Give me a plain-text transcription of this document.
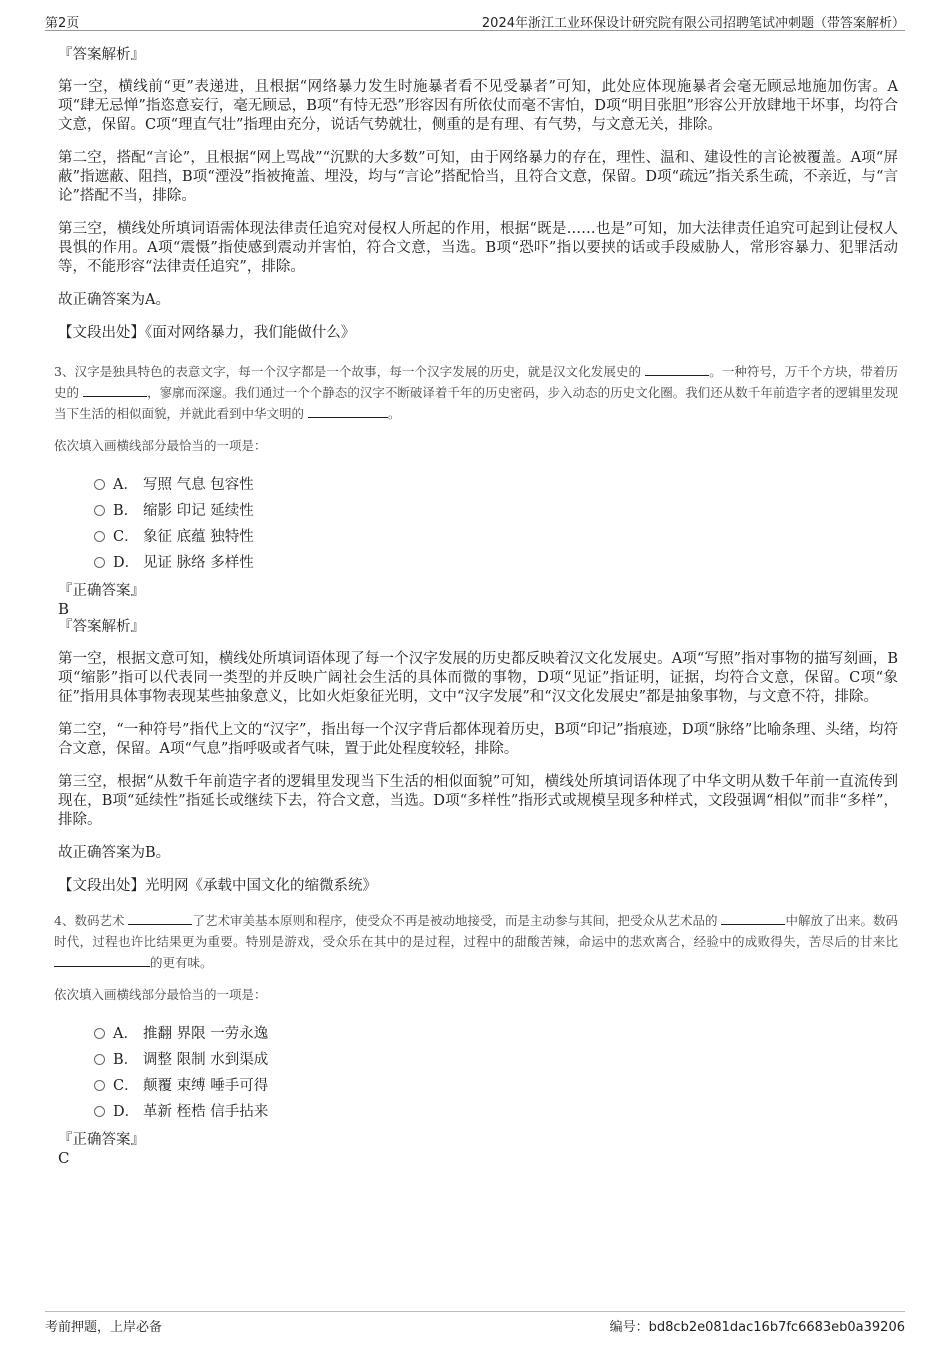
第2页	2024年浙江工业环保设计研究院有限公司招聘笔试冲刺题（带答案解析）

『答案解析』

第一空，横线前“更”表递进，且根据“网络暴力发生时施暴者看不见受暴者”可知，此处应体现施暴者会毫无顾忌地施加伤害。A项“肆无忌惮”指恣意妄行，毫无顾忌，B项“有恃无恐”形容因有所依仗而毫不害怕，D项“明目张胆”形容公开放肆地干坏事，均符合文意，保留。C项“理直气壮”指理由充分，说话气势就壮，侧重的是有理、有气势，与文意无关，排除。

第二空，搭配“言论”，且根据“网上骂战”“沉默的大多数”可知，由于网络暴力的存在，理性、温和、建设性的言论被覆盖。A项“屏蔽”指遮蔽、阻挡，B项“湮没”指被掩盖、埋没，均与“言论”搭配恰当，且符合文意，保留。D项“疏远”指关系生疏，不亲近，与“言论”搭配不当，排除。

第三空，横线处所填词语需体现法律责任追究对侵权人所起的作用，根据“既是……也是”可知，加大法律责任追究可起到让侵权人畏惧的作用。A项“震慑”指使感到震动并害怕，符合文意，当选。B项“恐吓”指以要挟的话或手段威胁人，常形容暴力、犯罪活动等，不能形容“法律责任追究”，排除。

故正确答案为A。

【文段出处】《面对网络暴力，我们能做什么》

3、汉字是独具特色的表意文字，每一个汉字都是一个故事，每一个汉字发展的历史，就是汉文化发展史的	。一种符号，万千个方块，带着历史的	，寥廓而深邃。我们通过一个个静态的汉字不断破译着千年的历史密码，步入动态的历史文化圈。我们还从数千年前造字者的逻辑里发现当下生活的相似面貌，并就此看到中华文明的	。

依次填入画横线部分最恰当的一项是：

A． 写照 气息 包容性
B． 缩影 印记 延续性
C． 象征 底蕴 独特性
D． 见证 脉络 多样性

『正确答案』

B

『答案解析』

第一空，根据文意可知，横线处所填词语体现了每一个汉字发展的历史都反映着汉文化发展史。A项“写照”指对事物的描写刻画，B项“缩影”指可以代表同一类型的并反映广阔社会生活的具体而微的事物，D项“见证”指证明，证据，均符合文意，保留。C项“象征”指用具体事物表现某些抽象意义，比如火炬象征光明，文中“汉字发展”和“汉文化发展史”都是抽象事物，与文意不符，排除。

第二空，“一种符号”指代上文的“汉字”，指出每一个汉字背后都体现着历史，B项“印记”指痕迹，D项“脉络”比喻条理、头绪，均符合文意，保留。A项“气息”指呼吸或者气味，置于此处程度较轻，排除。

第三空，根据“从数千年前造字者的逻辑里发现当下生活的相似面貌”可知，横线处所填词语体现了中华文明从数千年前一直流传到现在，B项“延续性”指延长或继续下去，符合文意，当选。D项“多样性”指形式或规模呈现多种样式，文段强调“相似”而非“多样”，排除。

故正确答案为B。

【文段出处】光明网《承载中国文化的缩微系统》

4、数码艺术	了艺术审美基本原则和程序，使受众不再是被动地接受，而是主动参与其间，把受众从艺术品的	中解放了出来。数码时代，过程也许比结果更为重要。特别是游戏，受众乐在其中的是过程，过程中的甜酸苦辣，命运中的悲欢离合，经验中的成败得失，苦尽后的甘来比 的更有味。

依次填入画横线部分最恰当的一项是：

A． 推翻 界限 一劳永逸
B． 调整 限制 水到渠成
C． 颠覆 束缚 唾手可得
D． 革新 桎梏 信手拈来

『正确答案』

C

考前押题，上岸必备	编号：bd8cb2e081dac16b7fc6683eb0a39206
